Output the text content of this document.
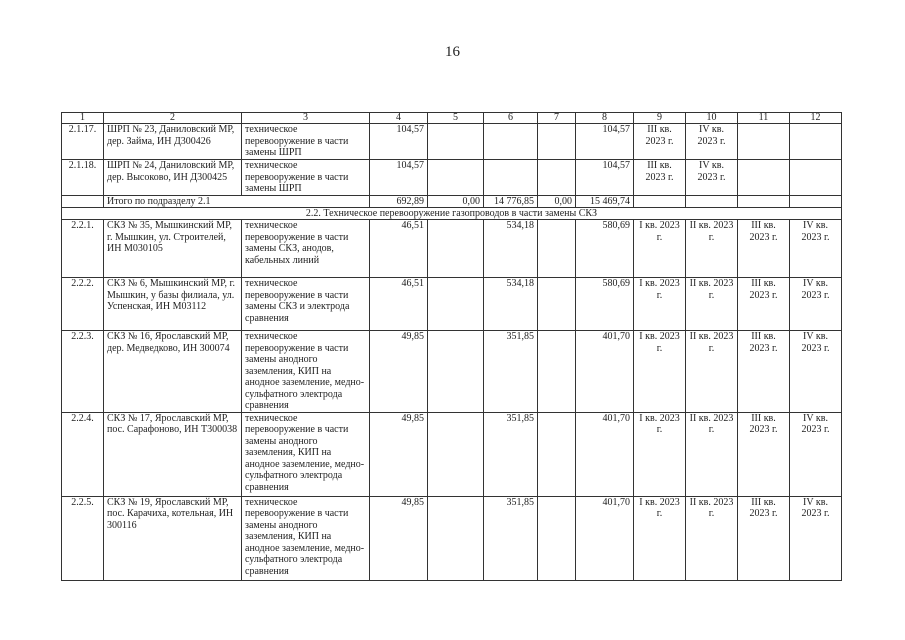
16
1	2	3	4	5	6	7	8	9	10	11	12
2.1.17.	ШРП № 23, Даниловский МР, дер. Займа, ИН Д300426	техническое перевооружение в части замены ШРП	104,57				104,57	III кв. 2023 г.	IV кв. 2023 г.		
2.1.18.	ШРП № 24, Даниловский МР, дер. Высоково, ИН Д300425	техническое перевооружение в части замены ШРП	104,57				104,57	III кв. 2023 г.	IV кв. 2023 г.		
	Итого по подразделу 2.1		692,89	0,00	14 776,85	0,00	15 469,74				
2.2. Техническое перевооружение газопроводов в части замены СКЗ											
2.2.1.	СКЗ № 35, Мышкинский МР, г. Мышкин, ул. Строителей, ИН М030105	техническое перевооружение в части замены СКЗ, анодов, кабельных линий	46,51		534,18		580,69	I кв. 2023 г.	II кв. 2023 г.	III кв. 2023 г.	IV кв. 2023 г.
2.2.2.	СКЗ № 6, Мышкинский МР, г. Мышкин, у базы филиала, ул. Успенская, ИН М03112	техническое перевооружение в части замены СКЗ и электрода сравнения	46,51		534,18		580,69	I кв. 2023 г.	II кв. 2023 г.	III кв. 2023 г.	IV кв. 2023 г.
2.2.3.	СКЗ № 16, Ярославский МР, дер. Медведково, ИН 300074	техническое перевооружение в части замены анодного заземления, КИП на анодное заземление, медно-сульфатного электрода сравнения	49,85		351,85		401,70	I кв. 2023 г.	II кв. 2023 г.	III кв. 2023 г.	IV кв. 2023 г.
2.2.4.	СКЗ № 17, Ярославский МР, пос. Сарафоново, ИН Т300038	техническое перевооружение в части замены анодного заземления, КИП на анодное заземление, медно-сульфатного электрода сравнения	49,85		351,85		401,70	I кв. 2023 г.	II кв. 2023 г.	III кв. 2023 г.	IV кв. 2023 г.
2.2.5.	СКЗ № 19, Ярославский МР, пос. Карачиха, котельная, ИН 300116	техническое перевооружение в части замены анодного заземления, КИП на анодное заземление, медно-сульфатного электрода сравнения	49,85		351,85		401,70	I кв. 2023 г.	II кв. 2023 г.	III кв. 2023 г.	IV кв. 2023 г.
